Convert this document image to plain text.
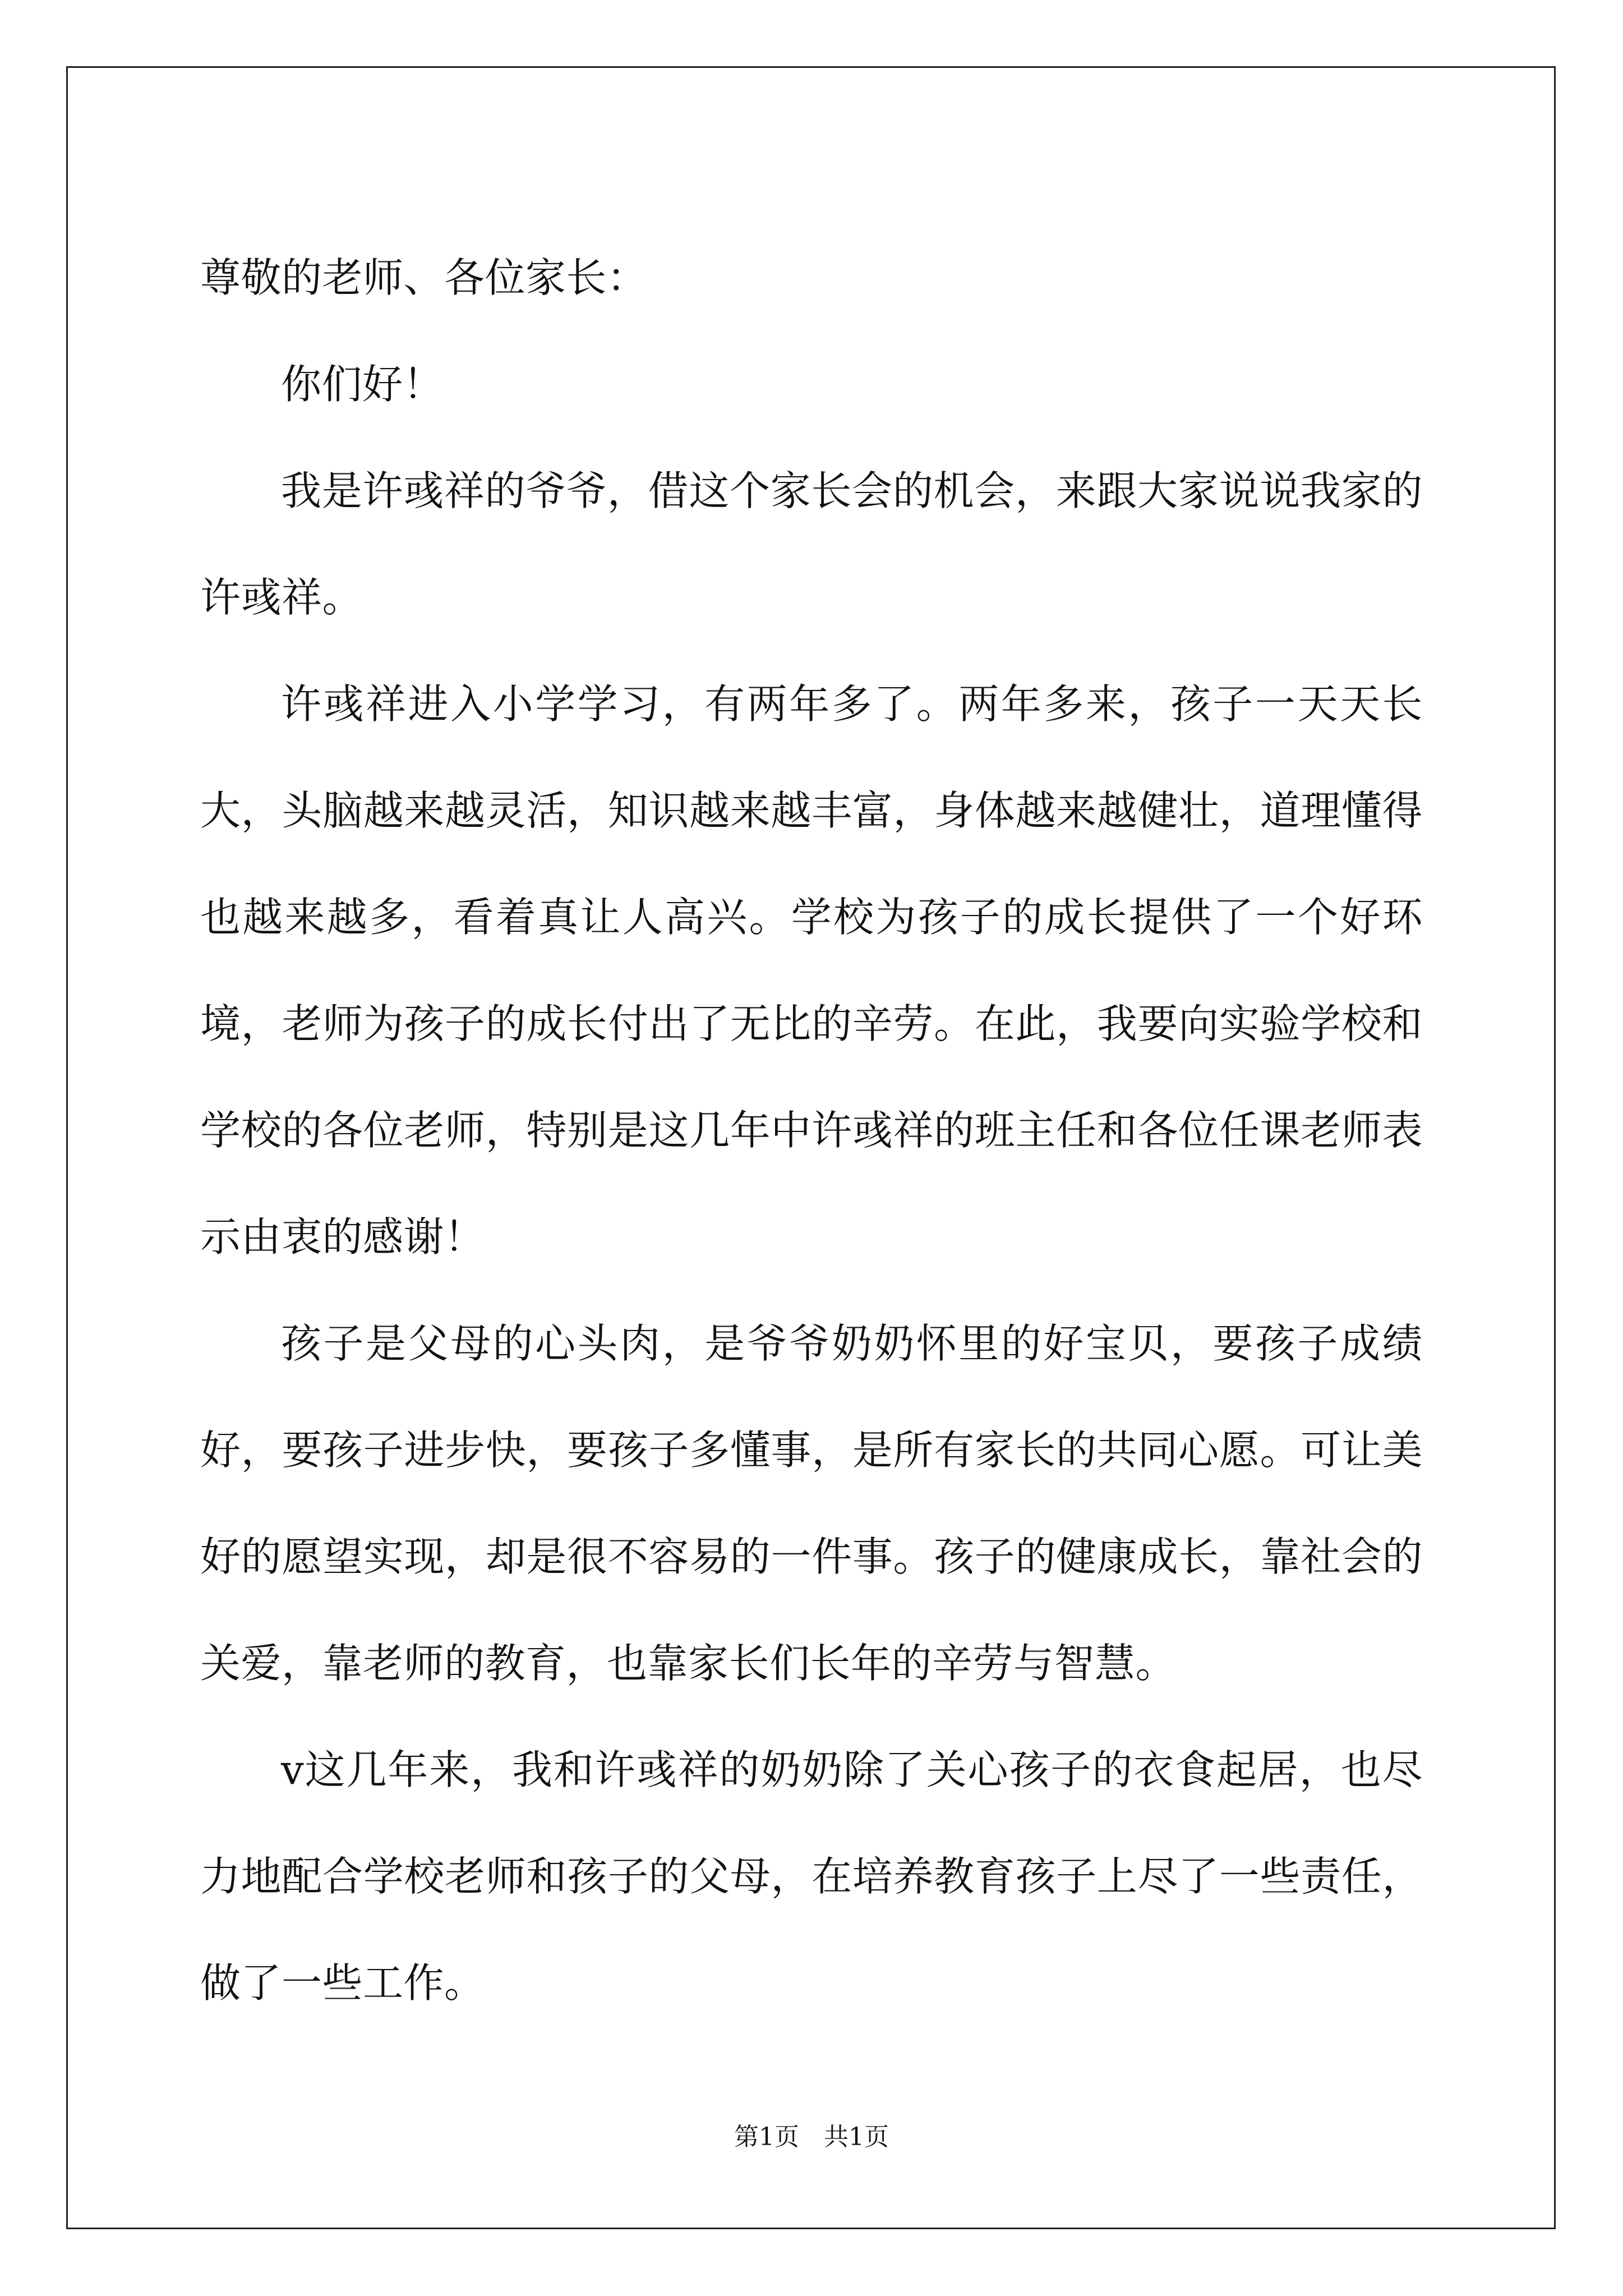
尊敬的老师、各位家长：

你们好！

我是许彧祥的爷爷，借这个家长会的机会，来跟大家说说我家的许彧祥。

许彧祥进入小学学习，有两年多了。两年多来，孩子一天天长大，头脑越来越灵活，知识越来越丰富，身体越来越健壮，道理懂得也越来越多，看着真让人高兴。学校为孩子的成长提供了一个好环境，老师为孩子的成长付出了无比的辛劳。在此，我要向实验学校和学校的各位老师，特别是这几年中许彧祥的班主任和各位任课老师表示由衷的感谢！

孩子是父母的心头肉，是爷爷奶奶怀里的好宝贝，要孩子成绩好，要孩子进步快，要孩子多懂事，是所有家长的共同心愿。可让美好的愿望实现，却是很不容易的一件事。孩子的健康成长，靠社会的关爱，靠老师的教育，也靠家长们长年的辛劳与智慧。

v这几年来，我和许彧祥的奶奶除了关心孩子的衣食起居，也尽力地配合学校老师和孩子的父母，在培养教育孩子上尽了一些责任，做了一些工作。

第1页　共1页
